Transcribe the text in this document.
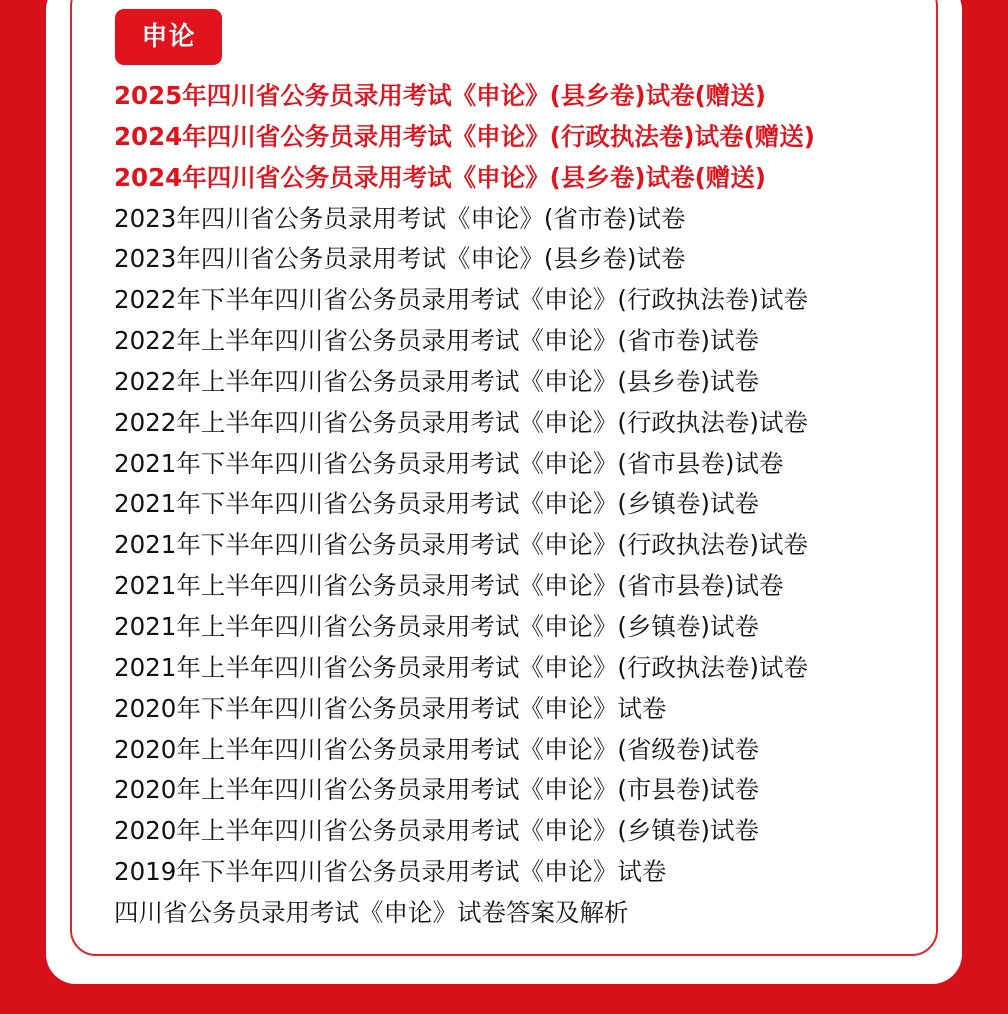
申论
2025年四川省公务员录用考试《申论》(县乡卷)试卷(赠送)
2024年四川省公务员录用考试《申论》(行政执法卷)试卷(赠送)
2024年四川省公务员录用考试《申论》(县乡卷)试卷(赠送)
2023年四川省公务员录用考试《申论》(省市卷)试卷
2023年四川省公务员录用考试《申论》(县乡卷)试卷
2022年下半年四川省公务员录用考试《申论》(行政执法卷)试卷
2022年上半年四川省公务员录用考试《申论》(省市卷)试卷
2022年上半年四川省公务员录用考试《申论》(县乡卷)试卷
2022年上半年四川省公务员录用考试《申论》(行政执法卷)试卷
2021年下半年四川省公务员录用考试《申论》(省市县卷)试卷
2021年下半年四川省公务员录用考试《申论》(乡镇卷)试卷
2021年下半年四川省公务员录用考试《申论》(行政执法卷)试卷
2021年上半年四川省公务员录用考试《申论》(省市县卷)试卷
2021年上半年四川省公务员录用考试《申论》(乡镇卷)试卷
2021年上半年四川省公务员录用考试《申论》(行政执法卷)试卷
2020年下半年四川省公务员录用考试《申论》试卷
2020年上半年四川省公务员录用考试《申论》(省级卷)试卷
2020年上半年四川省公务员录用考试《申论》(市县卷)试卷
2020年上半年四川省公务员录用考试《申论》(乡镇卷)试卷
2019年下半年四川省公务员录用考试《申论》试卷
四川省公务员录用考试《申论》试卷答案及解析
